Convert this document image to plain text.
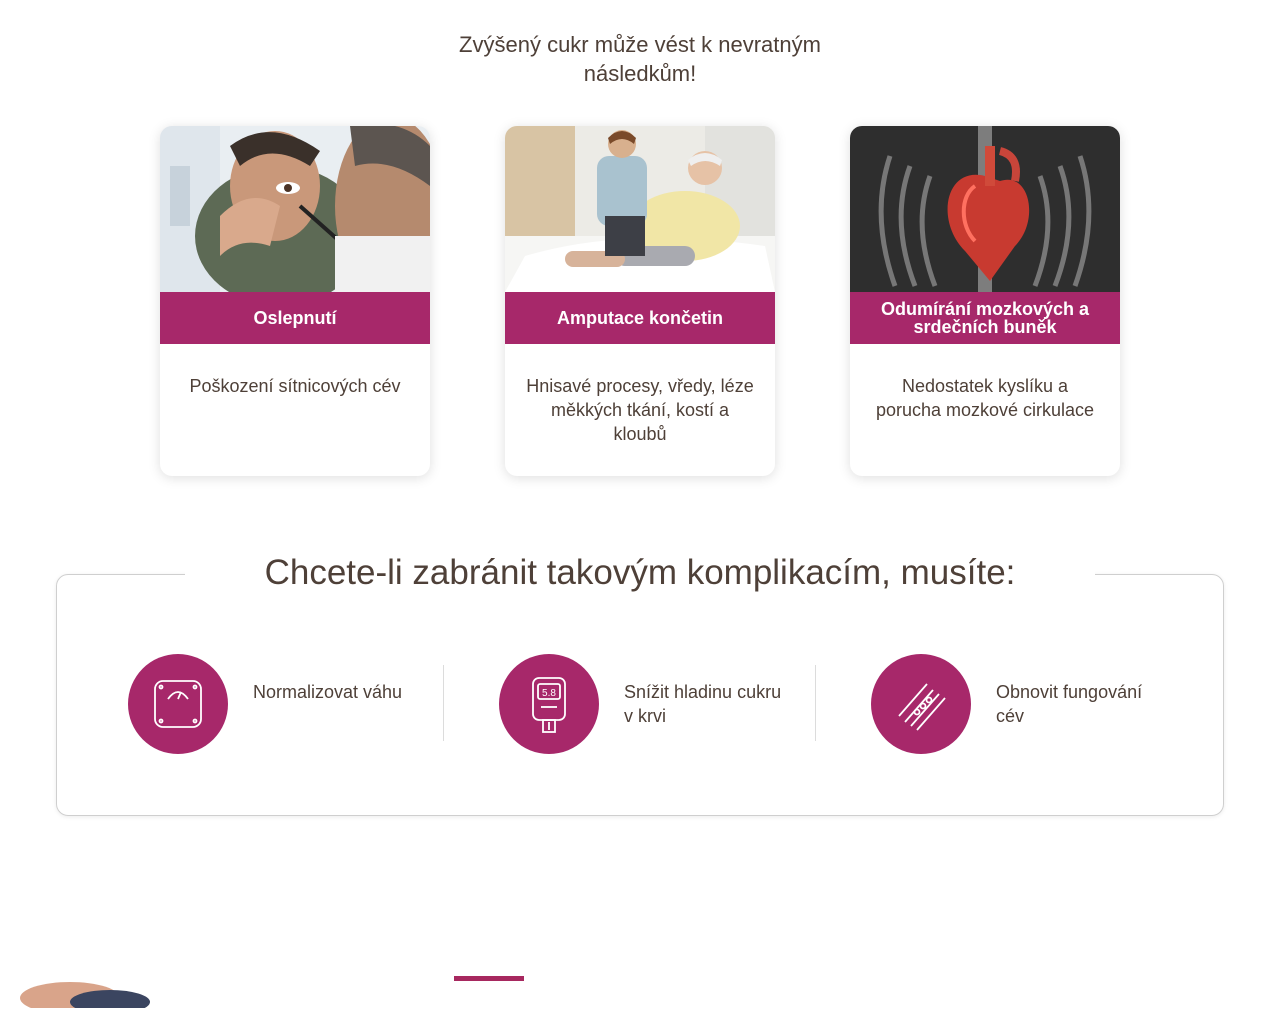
Zvýšený cukr může vést k nevratným následkům!
Oslepnutí
Poškození sítnicových cév
Amputace končetin
Hnisavé procesy, vředy, léze měkkých tkání, kostí a kloubů
Odumírání mozkových a srdečních buněk
Nedostatek kyslíku a porucha mozkové cirkulace
Chcete-li zabránit takovým komplikacím, musíte:
Normalizovat váhu	5.8	Snížit hladinu cukru v krvi
Obnovit fungování cév
